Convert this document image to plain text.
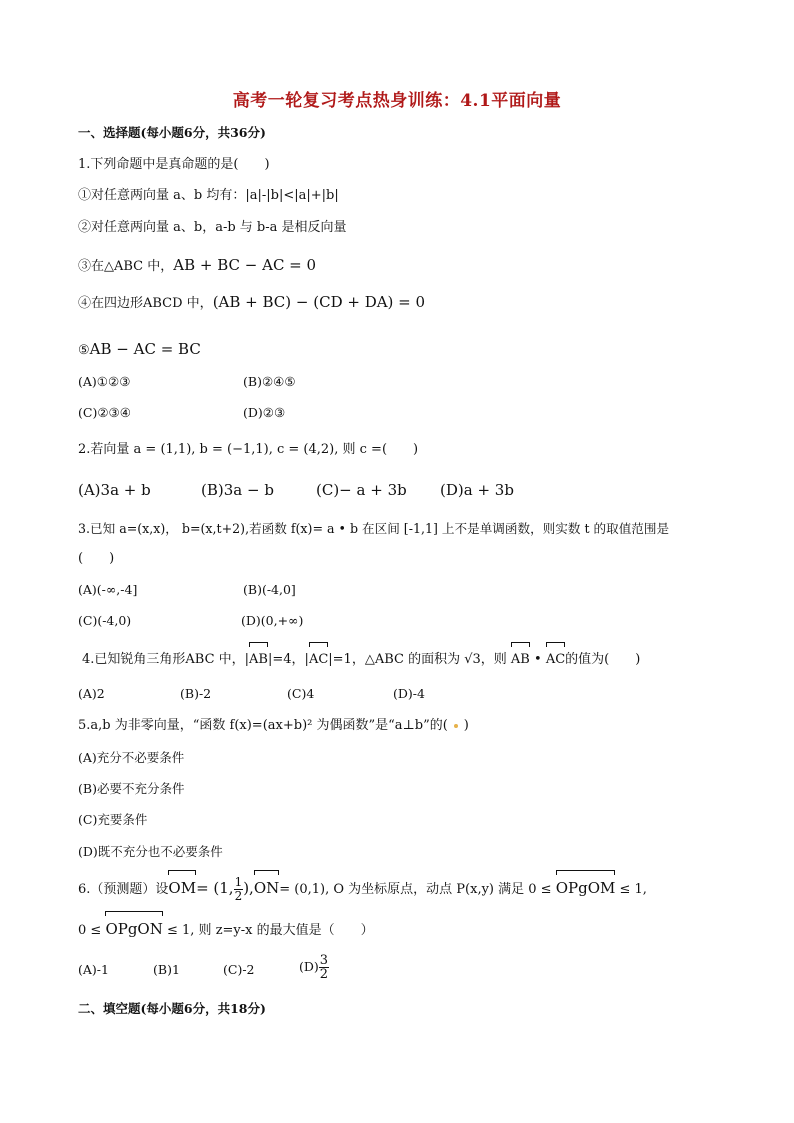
高考一轮复习考点热身训练：4.1平面向量
一、选择题(每小题6分，共36分)
1.下列命题中是真命题的是(　　)
①对任意两向量 a、b 均有：|a|-|b|<|a|+|b|
②对任意两向量 a、b，a-b 与 b-a 是相反向量
③在△ABC 中，AB + BC − AC = 0
④在四边形ABCD 中，(AB + BC) − (CD + DA) = 0
⑤AB − AC = BC
(A)①②③	(B)②④⑤
(C)②③④	(D)②③
2.若向量 a = (1,1), b = (−1,1), c = (4,2), 则 c =(　　)
(A)3a + b	(B)3a − b	(C)− a + 3b (D)a + 3b
3.已知 a=(x,x)， b=(x,t+2),若函数 f(x)= a • b 在区间 [-1,1] 上不是单调函数，则实数 t 的取值范围是
(　　)
(A)(-∞,-4]	(B)(-4,0]
(C)(-4,0)	(D)(0,+∞)
4.已知锐角三角形ABC 中，|
AB|=4，|
AC|=1，△ABC 的面积为 √3，则 AB •
AC的值为(　　)
(A)2	(B)-2	(C)4	(D)-4
5.a,b 为非零向量，“函数 f(x)=(ax+b)² 为偶函数”是“a⊥b”的( )
(A)充分不必要条件
(B)必要不充分条件
(C)充要条件
(D)既不充分也不必要条件
6.（预测题）设
OM= (1, $\frac{1}{2}$ ),
ON= (0,1), O 为坐标原点，动点 P(x,y) 满足 0 ≤ OPgOM ≤ 1,
0 ≤ OPgON ≤ 1, 则 z=y-x 的最大值是（　　）
(A)-1	(B)1	(C)-2	$(D) \frac{3}{2}$
二、填空题(每小题6分，共18分)
